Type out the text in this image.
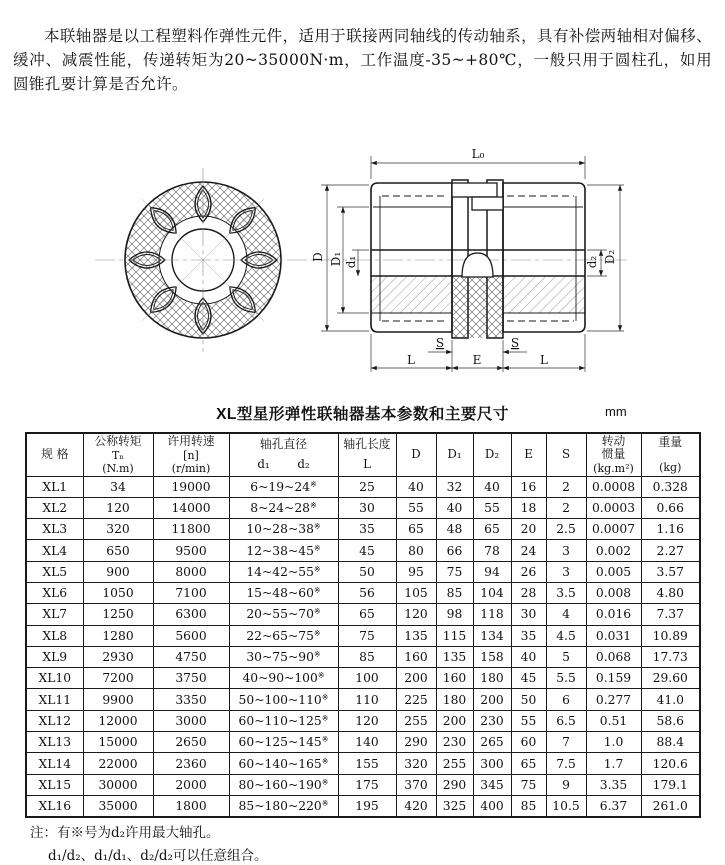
本联轴器是以工程塑料作弹性元件，适用于联接两同轴线的传动轴系，具有补偿两轴相对偏移、缓冲、减震性能，传递转矩为20~35000N·m，工作温度-35~+80℃，一般只用于圆柱孔，如用圆锥孔要计算是否允许。

L₀
D D₁ d₁	d₂ D₂
S	S
L	E	L
XL型星形弹性联轴器基本参数和主要尺寸	mm
规 格

公称转矩
Tₙ
(N.m)

许用转速
[n]
(r/min)

轴孔直径
d₁ d₂

轴孔长度
L

D	D₁	D₂	E	S

转动
惯量
(kg.m²)

重量
(kg)

XL1	34	19000	6~19~24※	25	40	32	40	16	2	0.0008	0.328
XL2	120	14000	8~24~28※	30	55	40	55	18	2	0.0003	0.66
XL3	320	11800	10~28~38※	35	65	48	65	20	2.5	0.0007	1.16
XL4	650	9500	12~38~45※	45	80	66	78	24	3	0.002	2.27
XL5	900	8000	14~42~55※	50	95	75	94	26	3	0.005	3.57
XL6	1050	7100	15~48~60※	56	105	85	104	28	3.5	0.008	4.80
XL7	1250	6300	20~55~70※	65	120	98	118	30	4	0.016	7.37
XL8	1280	5600	22~65~75※	75	135	115	134	35	4.5	0.031	10.89
XL9	2930	4750	30~75~90※	85	160	135	158	40	5	0.068	17.73
XL10	7200	3750	40~90~100※	100	200	160	180	45	5.5	0.159	29.60
XL11	9900	3350	50~100~110※	110	225	180	200	50	6	0.277	41.0
XL12	12000	3000	60~110~125※	120	255	200	230	55	6.5	0.51	58.6
XL13	15000	2650	60~125~145※	140	290	230	265	60	7	1.0	88.4
XL14	22000	2360	60~140~165※	155	320	255	300	65	7.5	1.7	120.6
XL15	30000	2000	80~160~190※	175	370	290	345	75	9	3.35	179.1
XL16	35000	1800	85~180~220※	195	420	325	400	85	10.5	6.37	261.0
注：有※号为d₂许用最大轴孔。
d₁/d₂、d₁/d₁、d₂/d₂可以任意组合。
